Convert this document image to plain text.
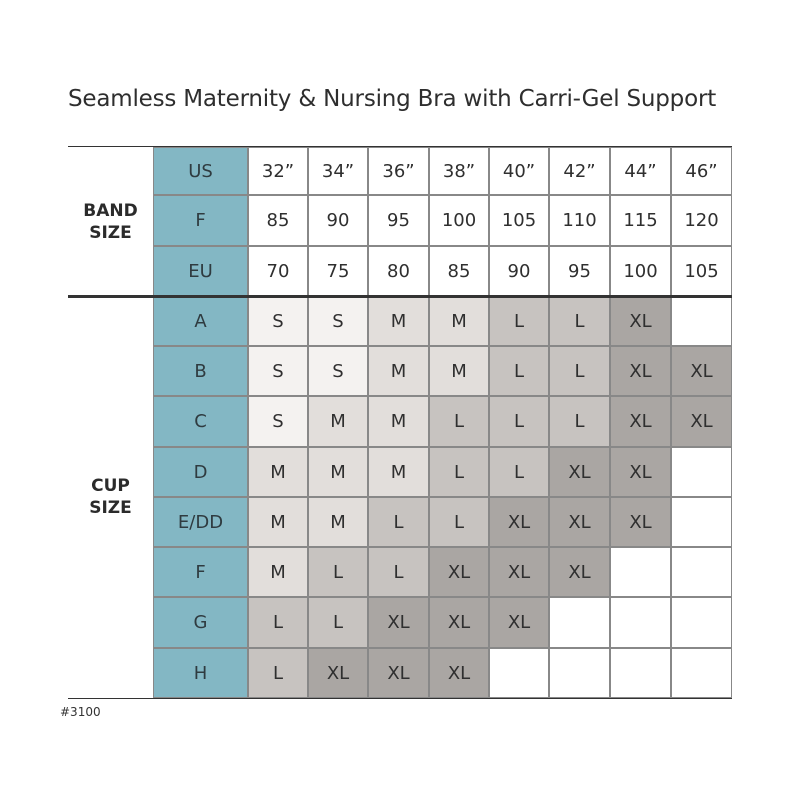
Seamless Maternity & Nursing Bra with Carri-Gel Support
US	32”	34”	36”	38”	40”	42”	44”	46”
F	85	90	95	100	105	110	115	120
EU	70	75	80	85	90	95	100	105
A	S	S	M	M	L	L	XL
B	S	S	M	M	L	L	XL	XL
C	S	M	M	L	L	L	XL	XL
D	M	M	M	L	L	XL	XL
E/DD	M	M	L	L	XL	XL	XL
F	M	L	L	XL	XL	XL
G	L	L	XL	XL	XL
H	L	XL	XL	XL
BAND
SIZE
CUP
SIZE
#3100
